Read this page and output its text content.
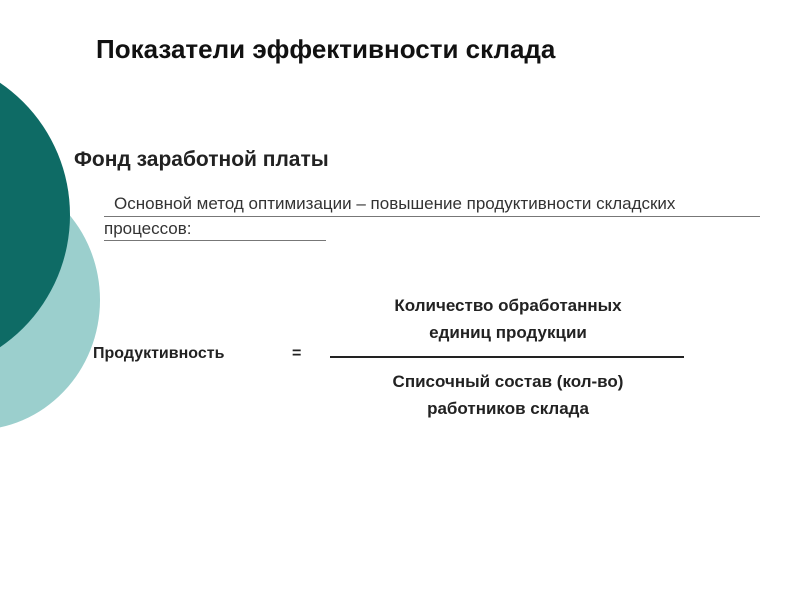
Показатели эффективности склада
Фонд заработной платы
Основной метод оптимизации – повышение продуктивности складских процессов:
Продуктивность	=
Количество обработанных
единиц продукции
Списочный состав (кол-во)
работников склада
